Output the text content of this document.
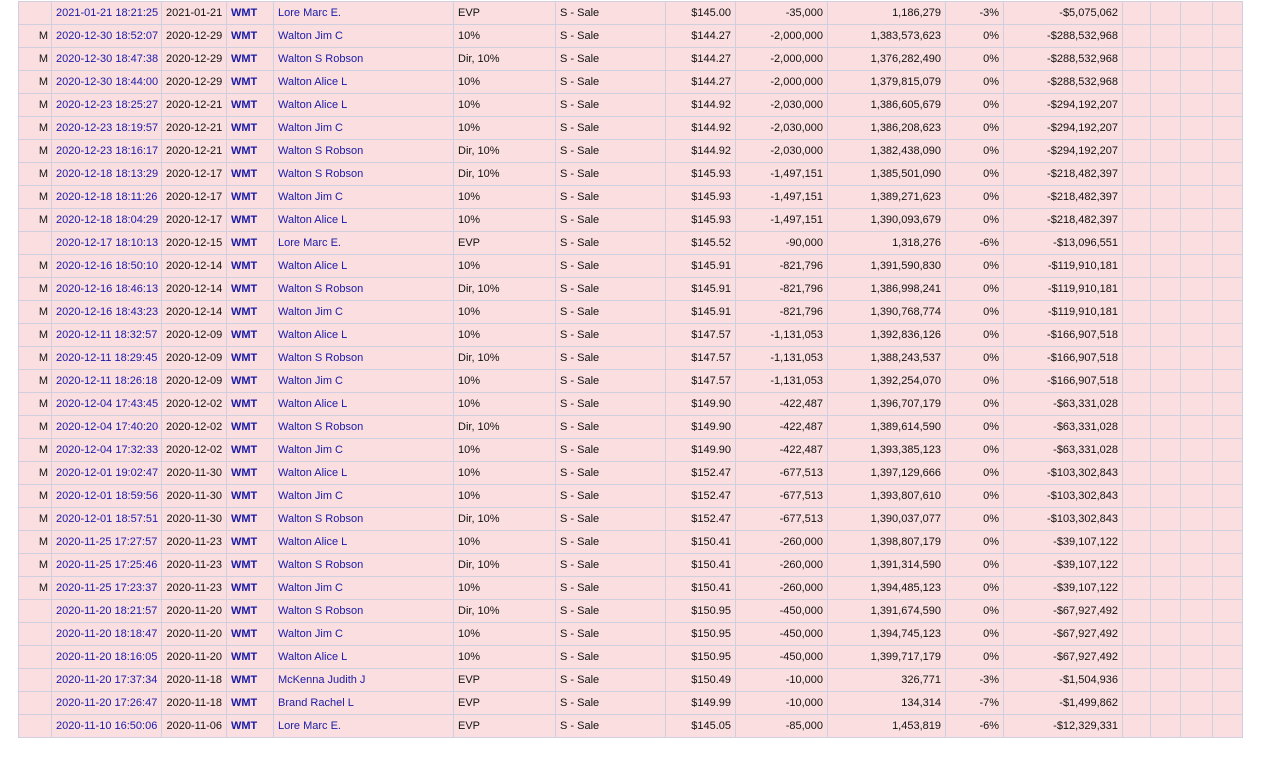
	2021-01-21 18:21:25	2021-01-21	WMT	Lore Marc E.	EVP	S - Sale	$145.00	-35,000	1,186,279	-3%	-$5,075,062				
M	2020-12-30 18:52:07	2020-12-29	WMT	Walton Jim C	10%	S - Sale	$144.27	-2,000,000	1,383,573,623	0%	-$288,532,968				
M	2020-12-30 18:47:38	2020-12-29	WMT	Walton S Robson	Dir, 10%	S - Sale	$144.27	-2,000,000	1,376,282,490	0%	-$288,532,968				
M	2020-12-30 18:44:00	2020-12-29	WMT	Walton Alice L	10%	S - Sale	$144.27	-2,000,000	1,379,815,079	0%	-$288,532,968				
M	2020-12-23 18:25:27	2020-12-21	WMT	Walton Alice L	10%	S - Sale	$144.92	-2,030,000	1,386,605,679	0%	-$294,192,207				
M	2020-12-23 18:19:57	2020-12-21	WMT	Walton Jim C	10%	S - Sale	$144.92	-2,030,000	1,386,208,623	0%	-$294,192,207				
M	2020-12-23 18:16:17	2020-12-21	WMT	Walton S Robson	Dir, 10%	S - Sale	$144.92	-2,030,000	1,382,438,090	0%	-$294,192,207				
M	2020-12-18 18:13:29	2020-12-17	WMT	Walton S Robson	Dir, 10%	S - Sale	$145.93	-1,497,151	1,385,501,090	0%	-$218,482,397				
M	2020-12-18 18:11:26	2020-12-17	WMT	Walton Jim C	10%	S - Sale	$145.93	-1,497,151	1,389,271,623	0%	-$218,482,397				
M	2020-12-18 18:04:29	2020-12-17	WMT	Walton Alice L	10%	S - Sale	$145.93	-1,497,151	1,390,093,679	0%	-$218,482,397				
	2020-12-17 18:10:13	2020-12-15	WMT	Lore Marc E.	EVP	S - Sale	$145.52	-90,000	1,318,276	-6%	-$13,096,551				
M	2020-12-16 18:50:10	2020-12-14	WMT	Walton Alice L	10%	S - Sale	$145.91	-821,796	1,391,590,830	0%	-$119,910,181				
M	2020-12-16 18:46:13	2020-12-14	WMT	Walton S Robson	Dir, 10%	S - Sale	$145.91	-821,796	1,386,998,241	0%	-$119,910,181				
M	2020-12-16 18:43:23	2020-12-14	WMT	Walton Jim C	10%	S - Sale	$145.91	-821,796	1,390,768,774	0%	-$119,910,181				
M	2020-12-11 18:32:57	2020-12-09	WMT	Walton Alice L	10%	S - Sale	$147.57	-1,131,053	1,392,836,126	0%	-$166,907,518				
M	2020-12-11 18:29:45	2020-12-09	WMT	Walton S Robson	Dir, 10%	S - Sale	$147.57	-1,131,053	1,388,243,537	0%	-$166,907,518				
M	2020-12-11 18:26:18	2020-12-09	WMT	Walton Jim C	10%	S - Sale	$147.57	-1,131,053	1,392,254,070	0%	-$166,907,518				
M	2020-12-04 17:43:45	2020-12-02	WMT	Walton Alice L	10%	S - Sale	$149.90	-422,487	1,396,707,179	0%	-$63,331,028				
M	2020-12-04 17:40:20	2020-12-02	WMT	Walton S Robson	Dir, 10%	S - Sale	$149.90	-422,487	1,389,614,590	0%	-$63,331,028				
M	2020-12-04 17:32:33	2020-12-02	WMT	Walton Jim C	10%	S - Sale	$149.90	-422,487	1,393,385,123	0%	-$63,331,028				
M	2020-12-01 19:02:47	2020-11-30	WMT	Walton Alice L	10%	S - Sale	$152.47	-677,513	1,397,129,666	0%	-$103,302,843				
M	2020-12-01 18:59:56	2020-11-30	WMT	Walton Jim C	10%	S - Sale	$152.47	-677,513	1,393,807,610	0%	-$103,302,843				
M	2020-12-01 18:57:51	2020-11-30	WMT	Walton S Robson	Dir, 10%	S - Sale	$152.47	-677,513	1,390,037,077	0%	-$103,302,843				
M	2020-11-25 17:27:57	2020-11-23	WMT	Walton Alice L	10%	S - Sale	$150.41	-260,000	1,398,807,179	0%	-$39,107,122				
M	2020-11-25 17:25:46	2020-11-23	WMT	Walton S Robson	Dir, 10%	S - Sale	$150.41	-260,000	1,391,314,590	0%	-$39,107,122				
M	2020-11-25 17:23:37	2020-11-23	WMT	Walton Jim C	10%	S - Sale	$150.41	-260,000	1,394,485,123	0%	-$39,107,122				
	2020-11-20 18:21:57	2020-11-20	WMT	Walton S Robson	Dir, 10%	S - Sale	$150.95	-450,000	1,391,674,590	0%	-$67,927,492				
	2020-11-20 18:18:47	2020-11-20	WMT	Walton Jim C	10%	S - Sale	$150.95	-450,000	1,394,745,123	0%	-$67,927,492				
	2020-11-20 18:16:05	2020-11-20	WMT	Walton Alice L	10%	S - Sale	$150.95	-450,000	1,399,717,179	0%	-$67,927,492				
	2020-11-20 17:37:34	2020-11-18	WMT	McKenna Judith J	EVP	S - Sale	$150.49	-10,000	326,771	-3%	-$1,504,936				
	2020-11-20 17:26:47	2020-11-18	WMT	Brand Rachel L	EVP	S - Sale	$149.99	-10,000	134,314	-7%	-$1,499,862				
	2020-11-10 16:50:06	2020-11-06	WMT	Lore Marc E.	EVP	S - Sale	$145.05	-85,000	1,453,819	-6%	-$12,329,331				
